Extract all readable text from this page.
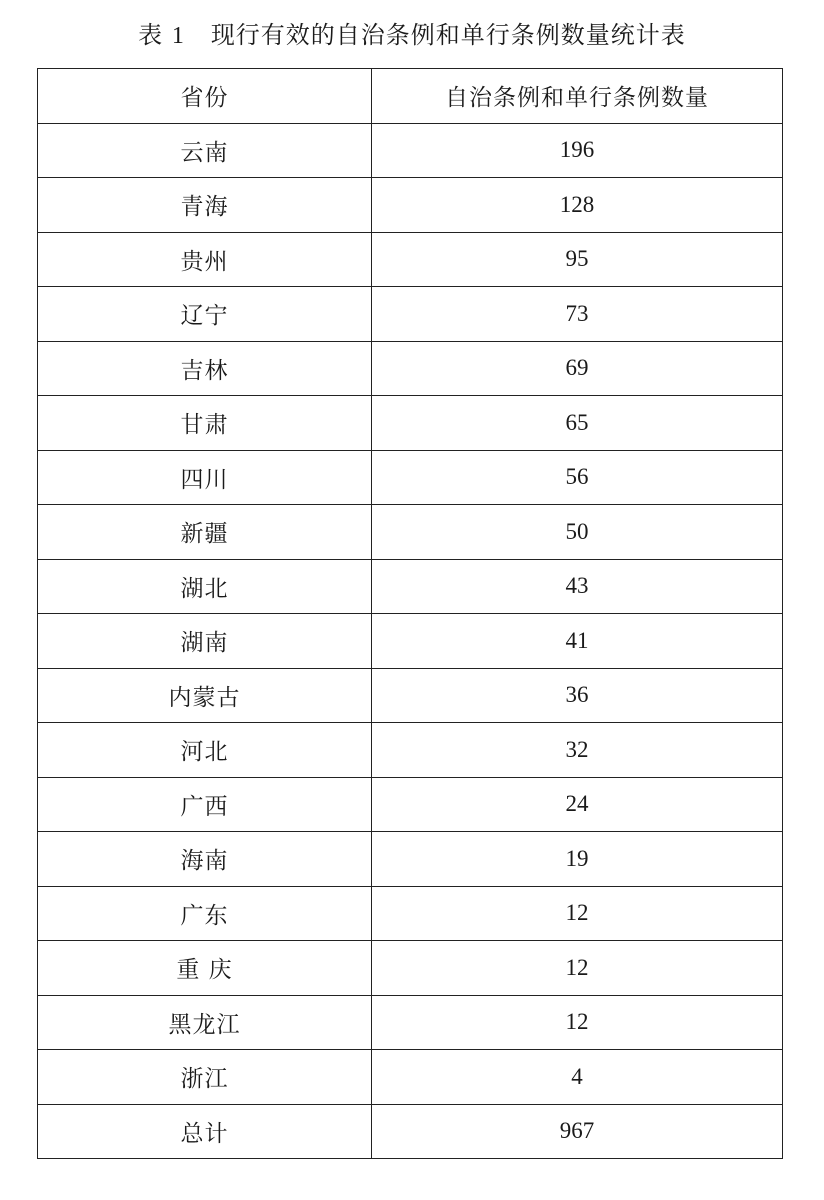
表 1 现行有效的自治条例和单行条例数量统计表
省份	自治条例和单行条例数量
云南	196
青海	128
贵州	95
辽宁	73
吉林	69
甘肃	65
四川	56
新疆	50
湖北	43
湖南	41
内蒙古	36
河北	32
广西	24
海南	19
广东	12
重 庆	12
黑龙江	12
浙江	4
总计	967
